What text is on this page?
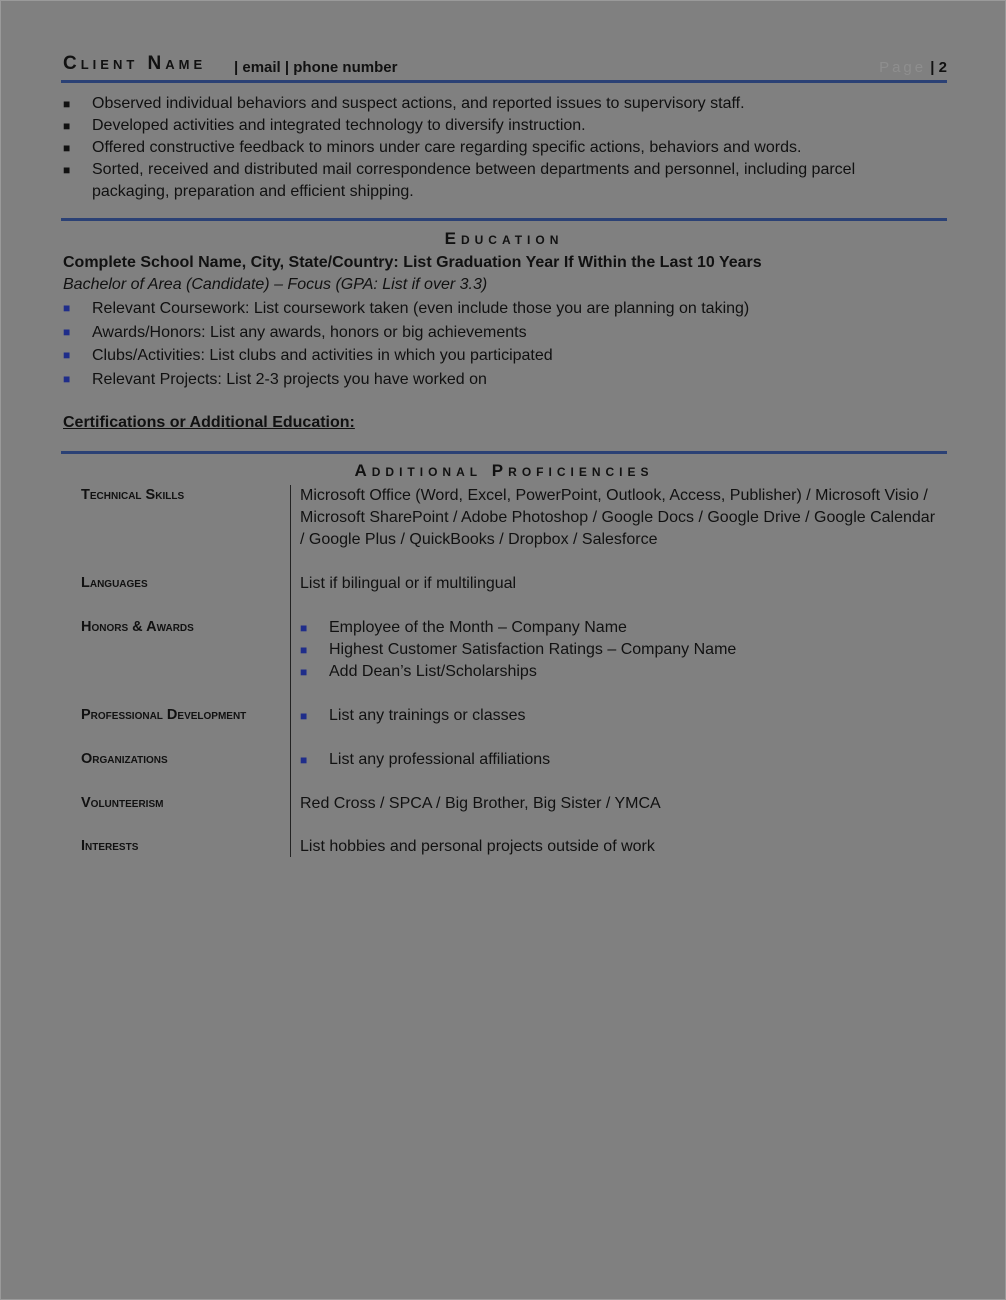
Client Name | email | phone number	Page | 2
■ Observed individual behaviors and suspect actions, and reported issues to supervisory staff.
■ Developed activities and integrated technology to diversify instruction.
■ Offered constructive feedback to minors under care regarding specific actions, behaviors and words.
■ Sorted, received and distributed mail correspondence between departments and personnel, including parcel packaging, preparation and efficient shipping.
Education
Complete School Name, City, State/Country: List Graduation Year If Within the Last 10 Years
Bachelor of Area (Candidate) – Focus (GPA: List if over 3.3)
■ Relevant Coursework: List coursework taken (even include those you are planning on taking)
■ Awards/Honors: List any awards, honors or big achievements
■ Clubs/Activities: List clubs and activities in which you participated
■ Relevant Projects: List 2-3 projects you have worked on
Certifications or Additional Education:
Additional Proficiencies
Technical Skills	Microsoft Office (Word, Excel, PowerPoint, Outlook, Access, Publisher) / Microsoft Visio / Microsoft SharePoint / Adobe Photoshop / Google Docs / Google Drive / Google Calendar / Google Plus / QuickBooks / Dropbox / Salesforce
Languages	List if bilingual or if multilingual
Honors & Awards	■ Employee of the Month – Company Name
■ Highest Customer Satisfaction Ratings – Company Name
■ Add Dean’s List/Scholarships
Professional Development	■ List any trainings or classes
Organizations	■ List any professional affiliations
Volunteerism	Red Cross / SPCA / Big Brother, Big Sister / YMCA
Interests	List hobbies and personal projects outside of work
